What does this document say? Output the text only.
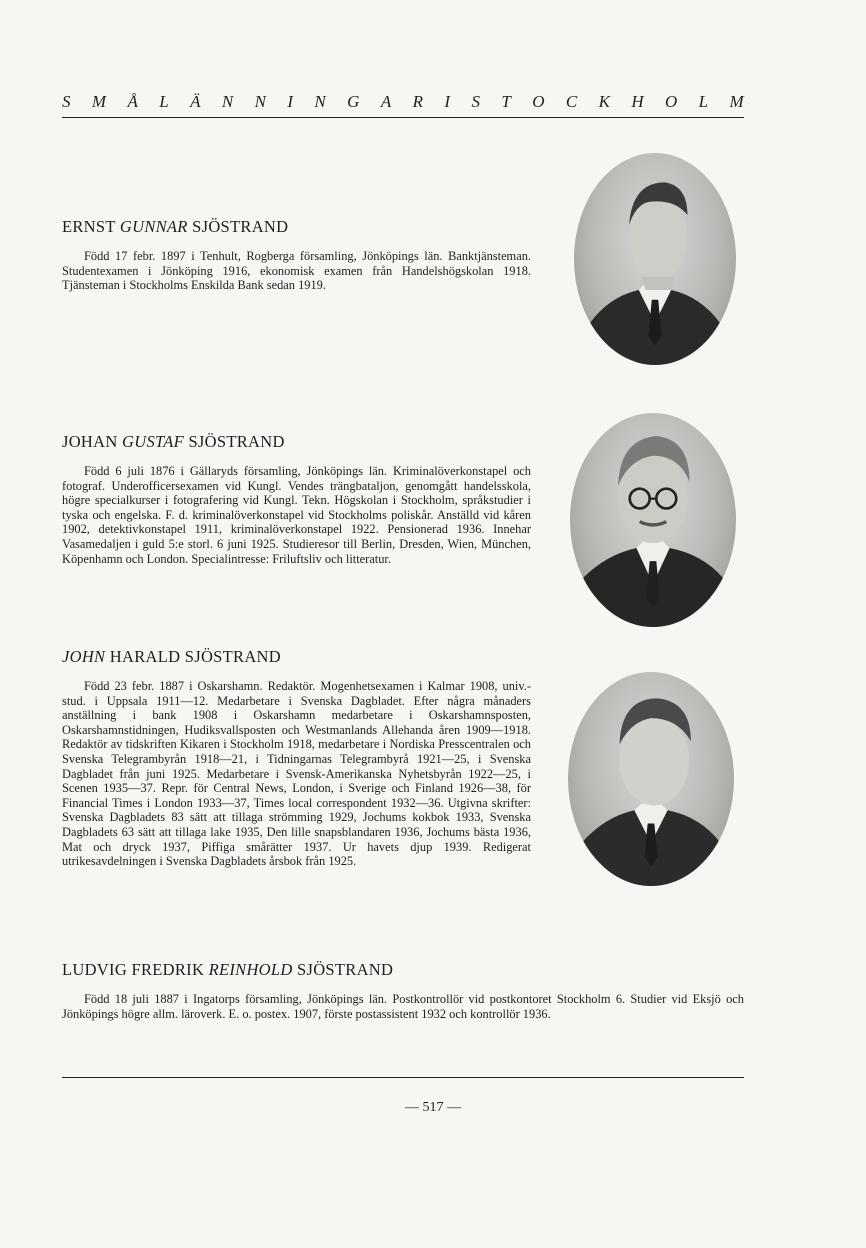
S M Å L Ä N N I N G A R I S T O C K H O L M
ERNST GUNNAR SJÖSTRAND

Född 17 febr. 1897 i Tenhult, Rogberga församling, Jönköpings län. Banktjänsteman. Studentexamen i Jönköping 1916, ekonomisk examen från Handelshögskolan 1918. Tjänsteman i Stockholms Enskilda Bank sedan 1919.

JOHAN GUSTAF SJÖSTRAND

Född 6 juli 1876 i Gällaryds församling, Jönköpings län. Kriminalöverkonstapel och fotograf. Underofficersexamen vid Kungl. Vendes trängbataljon, genomgått handelsskola, högre specialkurser i fotografering vid Kungl. Tekn. Högskolan i Stockholm, språkstudier i tyska och engelska. F. d. kriminalöverkonstapel vid Stockholms poliskår. Anställd vid kåren 1902, detektivkonstapel 1911, kriminalöverkonstapel 1922. Pensionerad 1936. Innehar Vasamedaljen i guld 5:e storl. 6 juni 1925. Studieresor till Berlin, Dresden, Wien, München, Köpenhamn och London. Specialintresse: Friluftsliv och litteratur.

JOHN HARALD SJÖSTRAND

Född 23 febr. 1887 i Oskarshamn. Redaktör. Mogenhetsexamen i Kalmar 1908, univ.-stud. i Uppsala 1911—12. Medarbetare i Svenska Dagbladet. Efter några månaders anställning i bank 1908 i Oskarshamn medarbetare i Oskarshamnsposten, Oskarshamnstidningen, Hudiksvallsposten och Westmanlands Allehanda åren 1909—1918. Redaktör av tidskriften Kikaren i Stockholm 1918, medarbetare i Nordiska Presscentralen och Svenska Telegrambyrån 1918—21, i Tidningarnas Telegrambyrå 1921—25, i Svenska Dagbladet från juni 1925. Medarbetare i Svensk-Amerikanska Nyhetsbyrån 1922—25, i Scenen 1935—37. Repr. för Central News, London, i Sverige och Finland 1926—38, för Financial Times i London 1933—37, Times local correspondent 1932—36. Utgivna skrifter: Svenska Dagbladets 83 sätt att tillaga strömming 1929, Jochums kokbok 1933, Svenska Dagbladets 63 sätt att tillaga lake 1935, Den lille snapsblandaren 1936, Jochums bästa 1936, Mat och dryck 1937, Piffiga smårätter 1937. Ur havets djup 1939. Redigerat utrikesavdelningen i Svenska Dagbladets årsbok från 1925.

LUDVIG FREDRIK REINHOLD SJÖSTRAND

Född 18 juli 1887 i Ingatorps församling, Jönköpings län. Postkontrollör vid postkontoret Stockholm 6. Studier vid Eksjö och Jönköpings högre allm. läroverk. E. o. postex. 1907, förste postassistent 1932 och kontrollör 1936.

— 517 —
